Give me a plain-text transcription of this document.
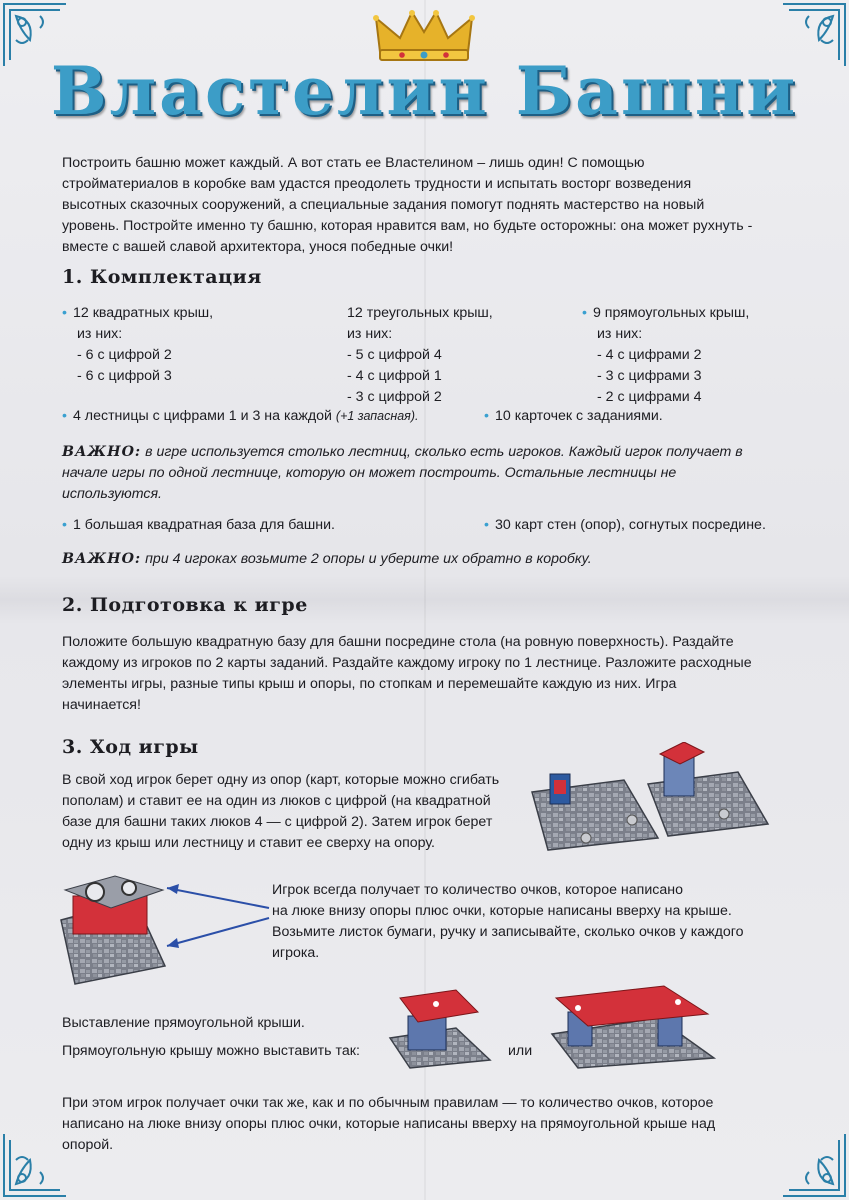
Властелин Башни
Построить башню может каждый. А вот стать ее Властелином – лишь один! С помощью
стройматериалов в коробке вам удастся преодолеть трудности и испытать восторг возведения
высотных сказочных сооружений, а специальные задания помогут поднять мастерство на новый
уровень. Постройте именно ту башню, которая нравится вам, но будьте осторожны: она может рухнуть -
вместе с вашей славой архитектора, унося победные очки!
1. Комплектация
• 12 квадратных крыш,
из них:
- 6 с цифрой 2
- 6 с цифрой 3
12 треугольных крыш,
из них:
- 5 с цифрой 4
- 4 с цифрой 1
- 3 с цифрой 2
• 9 прямоугольных крыш,
из них:
- 4 с цифрами 2
- 3 с цифрами 3
- 2 с цифрами 4
• 4 лестницы с цифрами 1 и 3 на каждой (+1 запасная).	• 10 карточек с заданиями.
ВАЖНО: в игре используется столько лестниц, сколько есть игроков. Каждый игрок получает в
начале игры по одной лестнице, которую он может построить. Остальные лестницы не
используются.
• 1 большая квадратная база для башни.	• 30 карт стен (опор), согнутых посредине.
ВАЖНО: при 4 игроках возьмите 2 опоры и уберите их обратно в коробку.
2. Подготовка к игре
Положите большую квадратную базу для башни посредине стола (на ровную поверхность). Раздайте
каждому из игроков по 2 карты заданий. Раздайте каждому игроку по 1 лестнице. Разложите расходные
элементы игры, разные типы крыш и опоры, по стопкам и перемешайте каждую из них. Игра
начинается!
3. Ход игры
В свой ход игрок берет одну из опор (карт, которые можно сгибать
пополам) и ставит ее на один из люков с цифрой (на квадратной
базе для башни таких люков 4 — с цифрой 2). Затем игрок берет
одну из крыш или лестницу и ставит ее сверху на опору.
Игрок всегда получает то количество очков, которое написано
на люке внизу опоры плюс очки, которые написаны вверху на крыше.
Возьмите листок бумаги, ручку и записывайте, сколько очков у каждого
игрока.
Выставление прямоугольной крыши.
Прямоугольную крышу можно выставить так:	или
При этом игрок получает очки так же, как и по обычным правилам — то количество очков, которое
написано на люке внизу опоры плюс очки, которые написаны вверху на прямоугольной крыше над
опорой.
